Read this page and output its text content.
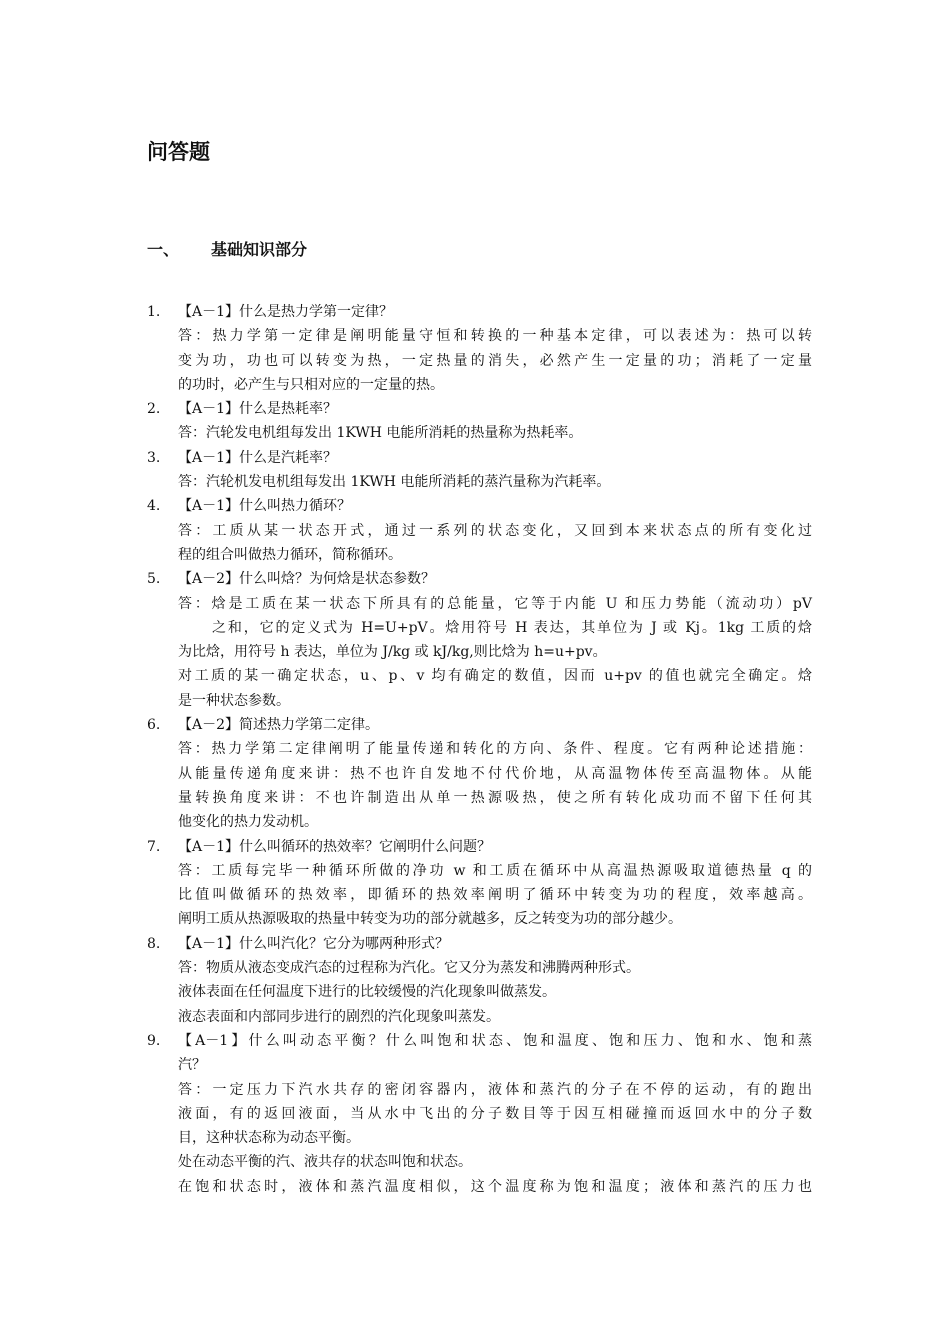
问答题
一、 基础知识部分
1. 【A－1】什么是热力学第一定律？
答：热力学第一定律是阐明能量守恒和转换的一种基本定律，可以表述为：热可以转
变为功，功也可以转变为热，一定热量的消失，必然产生一定量的功；消耗了一定量
的功时，必产生与只相对应的一定量的热。
2. 【A－1】什么是热耗率？
答：汽轮发电机组每发出 1KWH 电能所消耗的热量称为热耗率。
3. 【A－1】什么是汽耗率？
答：汽轮机发电机组每发出 1KWH 电能所消耗的蒸汽量称为汽耗率。
4. 【A－1】什么叫热力循环？
答：工质从某一状态开式，通过一系列的状态变化，又回到本来状态点的所有变化过
程的组合叫做热力循环，简称循环。
5. 【A－2】什么叫焓？为何焓是状态参数？
答：焓是工质在某一状态下所具有的总能量，它等于内能 U 和压力势能（流动功）pV
之和，它的定义式为 H=U+pV。焓用符号 H 表达，其单位为 J 或 Kj。1kg 工质的焓
为比焓，用符号 h 表达，单位为 J/kg 或 kJ/kg,则比焓为 h=u+pv。
对工质的某一确定状态，u、p、v 均有确定的数值，因而 u+pv 的值也就完全确定。焓
是一种状态参数。
6. 【A－2】简述热力学第二定律。
答：热力学第二定律阐明了能量传递和转化的方向、条件、程度。它有两种论述措施：
从能量传递角度来讲：热不也许自发地不付代价地，从高温物体传至高温物体。从能
量转换角度来讲：不也许制造出从单一热源吸热，使之所有转化成功而不留下任何其
他变化的热力发动机。
7. 【A－1】什么叫循环的热效率？它阐明什么问题？
答：工质每完毕一种循环所做的净功 w 和工质在循环中从高温热源吸取道德热量 q 的
比值叫做循环的热效率，即循环的热效率阐明了循环中转变为功的程度，效率越高。
阐明工质从热源吸取的热量中转变为功的部分就越多，反之转变为功的部分越少。
8. 【A－1】什么叫汽化？它分为哪两种形式？
答：物质从液态变成汽态的过程称为汽化。它又分为蒸发和沸腾两种形式。
液体表面在任何温度下进行的比较缓慢的汽化现象叫做蒸发。
液态表面和内部同步进行的剧烈的汽化现象叫蒸发。
9. 【A－1】什么叫动态平衡？什么叫饱和状态、饱和温度、饱和压力、饱和水、饱和蒸
汽？
答：一定压力下汽水共存的密闭容器内，液体和蒸汽的分子在不停的运动，有的跑出
液面，有的返回液面，当从水中飞出的分子数目等于因互相碰撞而返回水中的分子数
目，这种状态称为动态平衡。
处在动态平衡的汽、液共存的状态叫饱和状态。
在饱和状态时，液体和蒸汽温度相似，这个温度称为饱和温度；液体和蒸汽的压力也
